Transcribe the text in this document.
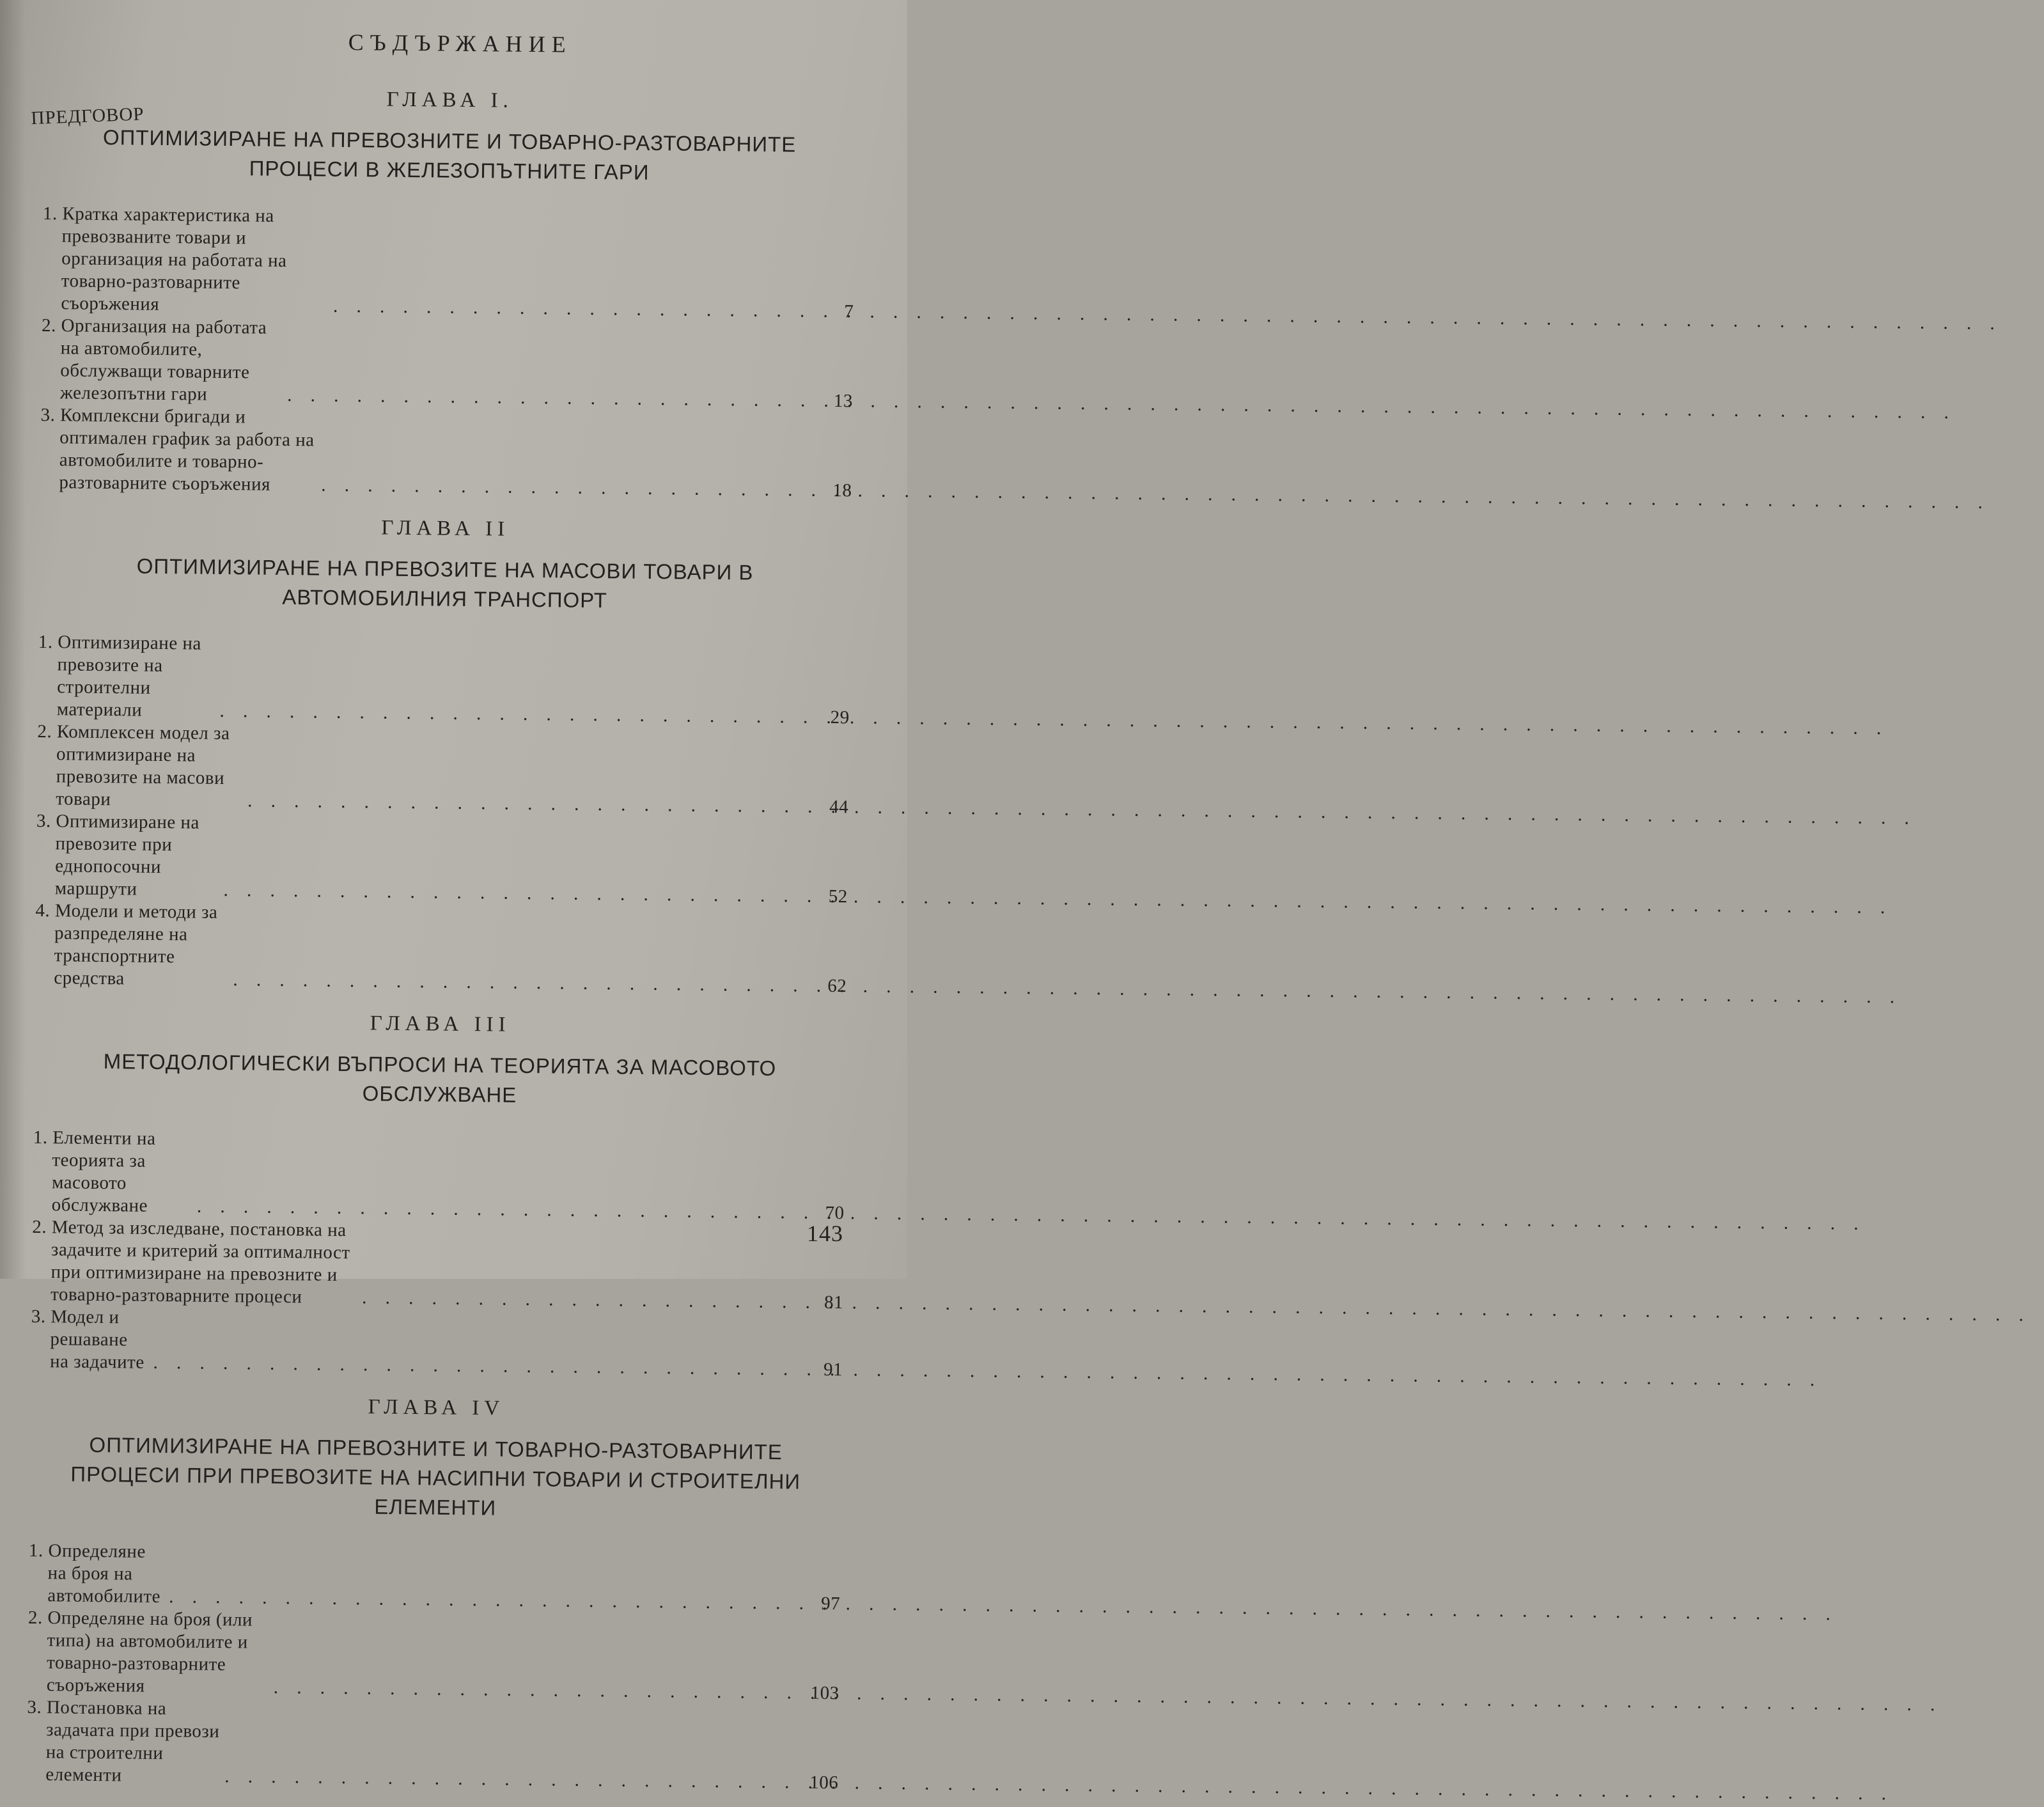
СЪДЪРЖАНИЕ
ПРЕДГОВОР
ГЛАВА І.
ОПТИМИЗИРАНЕ НА ПРЕВОЗНИТЕ И ТОВАРНО-РАЗТОВАРНИТЕ ПРОЦЕСИ В ЖЕЛЕЗОПЪТНИТЕ ГАРИ
1. Кратка характеристика на превозваните товари и организация на работата на товарно-разтоварните съоръжения . . .	7
2. Организация на работата на автомобилите, обслужващи товарните железопътни гари . . .	13
3. Комплексни бригади и оптимален график за работа на автомобилите и товарно-разтоварните съоръжения . . .	18
ГЛАВА II
ОПТИМИЗИРАНЕ НА ПРЕВОЗИТЕ НА МАСОВИ ТОВАРИ В АВТОМОБИЛНИЯ ТРАНСПОРТ
1. Оптимизиране на превозите на строителни материали . . .	29
2. Комплексен модел за оптимизиране на превозите на масови товари . . .	44
3. Оптимизиране на превозите при еднопосочни маршрути . . .	52
4. Модели и методи за разпределяне на транспортните средства . . .	62
ГЛАВА III
МЕТОДОЛОГИЧЕСКИ ВЪПРОСИ НА ТЕОРИЯТА ЗА МАСОВОТО ОБСЛУЖВАНЕ
1. Елементи на теорията за масовото обслужване . . .	70
2. Метод за изследване, постановка на задачите и критерий за оптималност при оптимизиране на превозните и товарно-разтоварните процеси . . .	81
3. Модел и решаване на задачите . . .	91
ГЛАВА IV
ОПТИМИЗИРАНЕ НА ПРЕВОЗНИТЕ И ТОВАРНО-РАЗТОВАРНИТЕ ПРОЦЕСИ ПРИ ПРЕВОЗИТЕ НА НАСИПНИ ТОВАРИ И СТРОИТЕЛНИ ЕЛЕМЕНТИ
1. Определяне на броя на автомобилите . . .	97
2. Определяне на броя (или типа) на автомобилите и товарно-разтоварните съоръжения . . .	103
3. Постановка на задачата при превози на строителни елементи . . .	106
143
